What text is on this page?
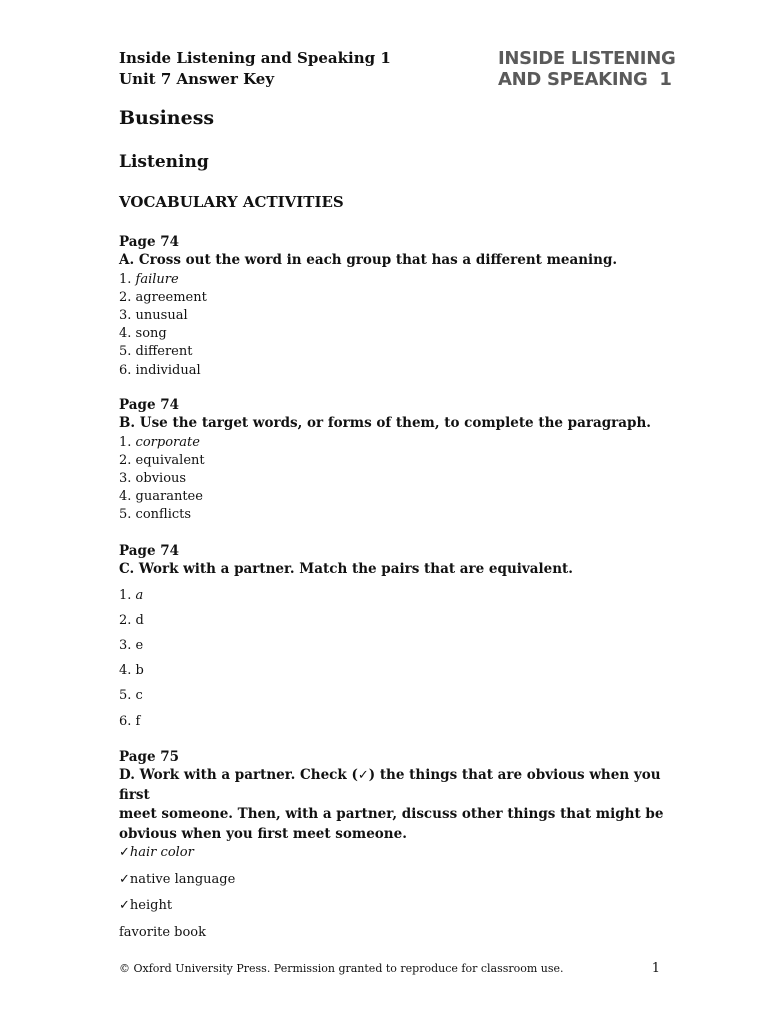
Inside Listening and Speaking 1
Unit 7 Answer Key
INSIDE LISTENING
AND SPEAKING  1
Business
Listening
VOCABULARY ACTIVITIES
Page 74
A. Cross out the word in each group that has a different meaning.
1. failure
2. agreement
3. unusual
4. song
5. different
6. individual
Page 74
B. Use the target words, or forms of them, to complete the paragraph.
1. corporate
2. equivalent
3. obvious
4. guarantee
5. conflicts
Page 74
C. Work with a partner. Match the pairs that are equivalent.
1. a
2. d
3. e
4. b
5. c
6. f
Page 75
D. Work with a partner. Check (✓) the things that are obvious when you first
meet someone. Then, with a partner, discuss other things that might be
obvious when you first meet someone.
✓hair color
✓native language
✓height
favorite book
© Oxford University Press. Permission granted to reproduce for classroom use.	1
